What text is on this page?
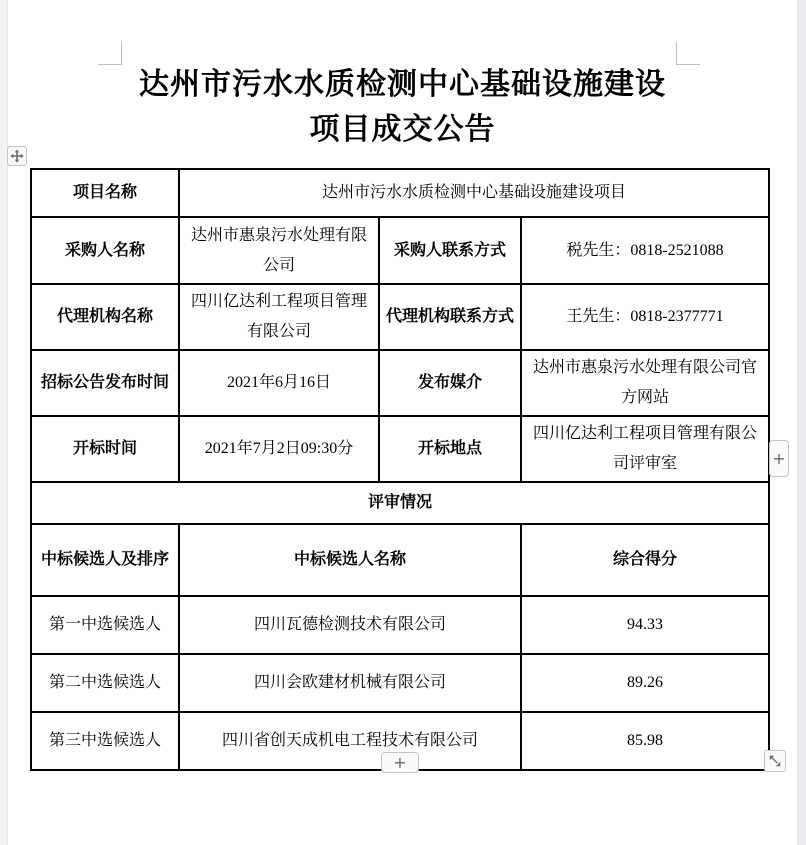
达州市污水水质检测中心基础设施建设
项目成交公告
项目名称	达州市污水水质检测中心基础设施建设项目		
采购人名称	达州市惠泉污水处理有限公司	采购人联系方式	税先生：0818-2521088
代理机构名称	四川亿达利工程项目管理有限公司	代理机构联系方式	王先生：0818-2377771
招标公告发布时间	2021年6月16日	发布媒介	达州市惠泉污水处理有限公司官方网站
开标时间	2021年7月2日09:30分	开标地点	四川亿达利工程项目管理有限公司评审室
评审情况			
中标候选人及排序	中标候选人名称		综合得分
第一中选候选人	四川瓦德检测技术有限公司		94.33
第二中选候选人	四川会欧建材机械有限公司		89.26
第三中选候选人	四川省创天成机电工程技术有限公司		85.98
+
+
